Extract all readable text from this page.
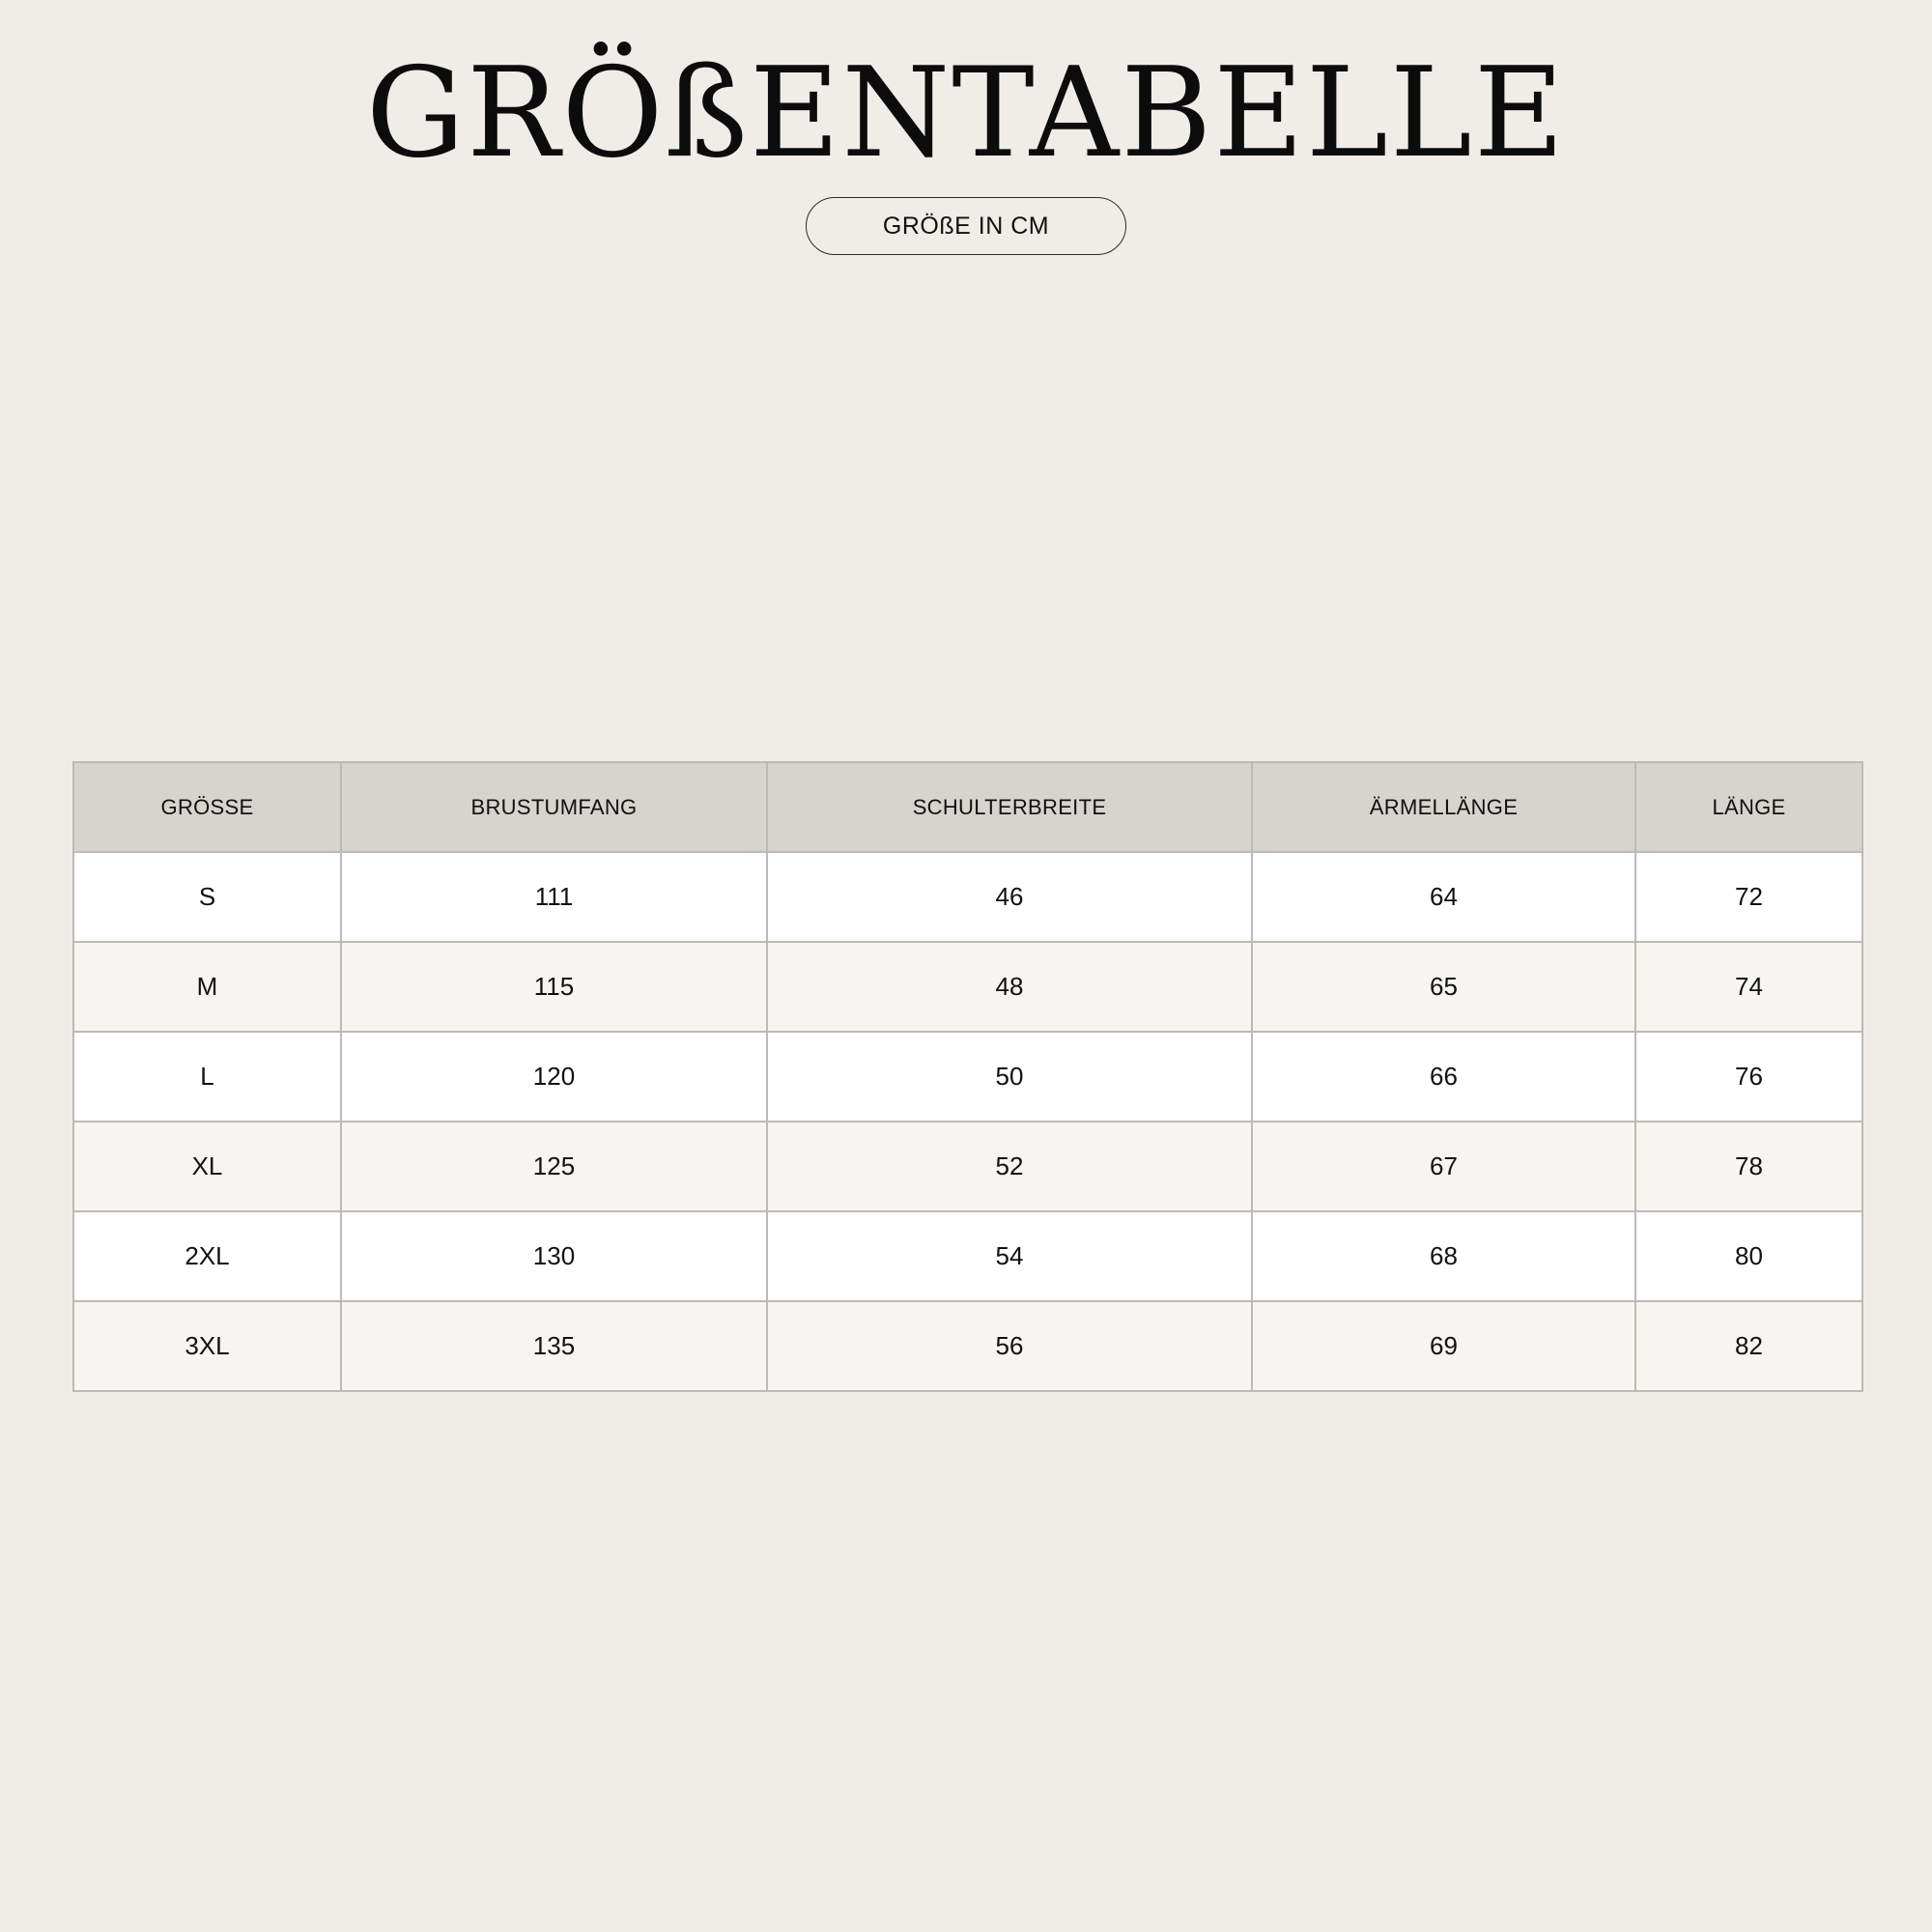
GRÖßENTABELLE
GRÖßE IN CM
GRÖSSE	BRUSTUMFANG	SCHULTERBREITE	ÄRMELLÄNGE	LÄNGE
S	111	46	64	72
M	115	48	65	74
L	120	50	66	76
XL	125	52	67	78
2XL	130	54	68	80
3XL	135	56	69	82
